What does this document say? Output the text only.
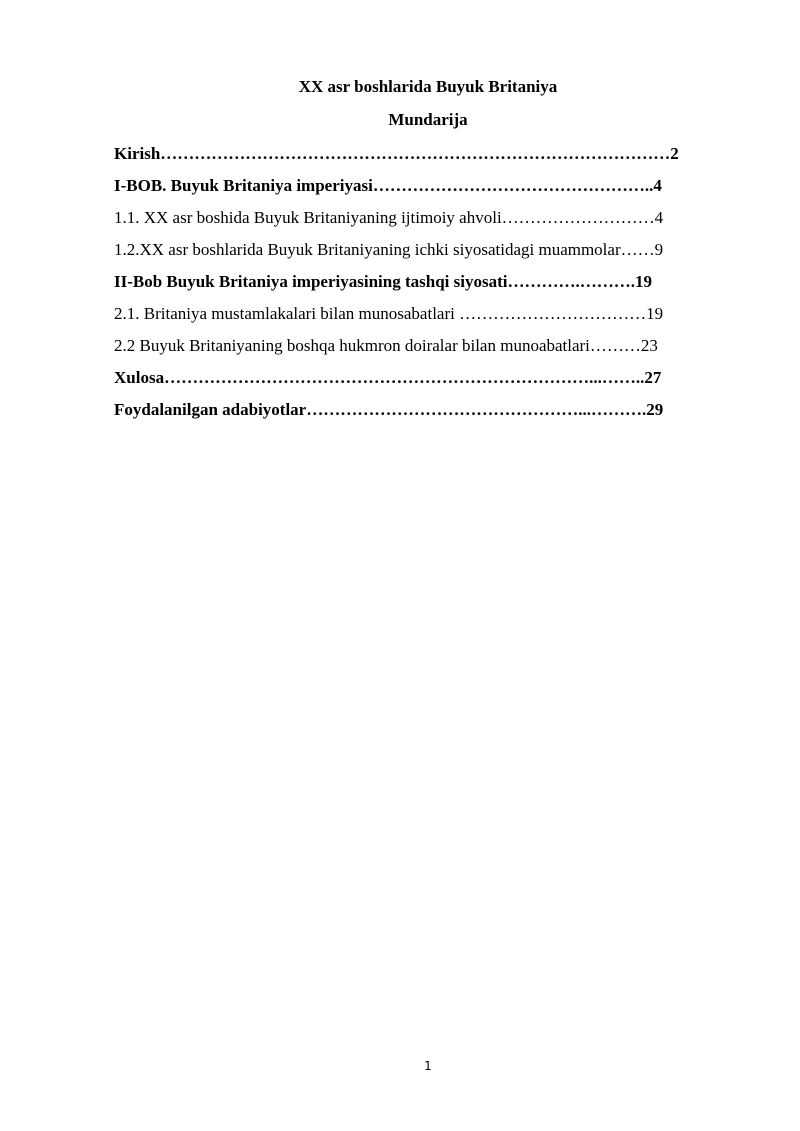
XX asr boshlarida Buyuk Britaniya
Mundarija
Kirish………………………………………………………………………………2
I-BOB. Buyuk Britaniya imperiyasi…………………………………………..4
1.1. XX asr boshida Buyuk Britaniyaning ijtimoiy ahvoli………………………4
1.2.XX asr boshlarida Buyuk Britaniyaning ichki siyosatidagi muammolar……9
II-Bob Buyuk Britaniya imperiyasining tashqi siyosati………….……….19
2.1. Britaniya mustamlakalari bilan munosabatlari ……………………………19
2.2 Buyuk Britaniyaning boshqa hukmron doiralar bilan munoabatlari………23
Xulosa…………………………………………………………………...……..27
Foydalanilgan adabiyotlar…………………………………………...……….29
1
